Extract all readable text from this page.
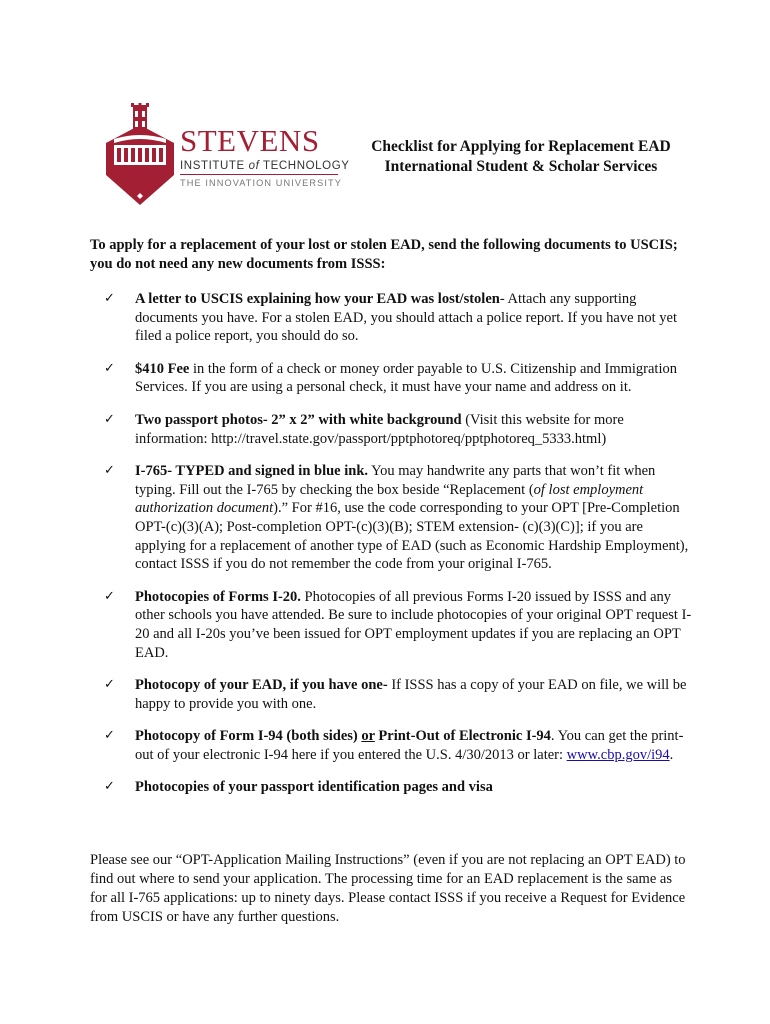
STEVENS
INSTITUTE of TECHNOLOGY
THE INNOVATION UNIVERSITY
Checklist for Applying for Replacement EAD
International Student & Scholar Services
To apply for a replacement of your lost or stolen EAD, send the following documents to USCIS; you do not need any new documents from ISSS:
✓ A letter to USCIS explaining how your EAD was lost/stolen- Attach any supporting documents you have. For a stolen EAD, you should attach a police report. If you have not yet filed a police report, you should do so.
✓ $410 Fee in the form of a check or money order payable to U.S. Citizenship and Immigration Services. If you are using a personal check, it must have your name and address on it.
✓ Two passport photos- 2” x 2” with white background (Visit this website for more information: http://travel.state.gov/passport/pptphotoreq/pptphotoreq_5333.html)
✓ I-765- TYPED and signed in blue ink. You may handwrite any parts that won’t fit when typing. Fill out the I-765 by checking the box beside “Replacement (of lost employment authorization document).” For #16, use the code corresponding to your OPT [Pre-Completion OPT-(c)(3)(A); Post-completion OPT-(c)(3)(B); STEM extension- (c)(3)(C)]; if you are applying for a replacement of another type of EAD (such as Economic Hardship Employment), contact ISSS if you do not remember the code from your original I-765.
✓ Photocopies of Forms I-20. Photocopies of all previous Forms I-20 issued by ISSS and any other schools you have attended. Be sure to include photocopies of your original OPT request I-20 and all I-20s you’ve been issued for OPT employment updates if you are replacing an OPT EAD.
✓ Photocopy of your EAD, if you have one- If ISSS has a copy of your EAD on file, we will be happy to provide you with one.
✓ Photocopy of Form I-94 (both sides) or Print-Out of Electronic I-94. You can get the print-out of your electronic I-94 here if you entered the U.S. 4/30/2013 or later: www.cbp.gov/i94.
✓ Photocopies of your passport identification pages and visa
Please see our “OPT-Application Mailing Instructions” (even if you are not replacing an OPT EAD) to find out where to send your application. The processing time for an EAD replacement is the same as for all I-765 applications: up to ninety days. Please contact ISSS if you receive a Request for Evidence from USCIS or have any further questions.
